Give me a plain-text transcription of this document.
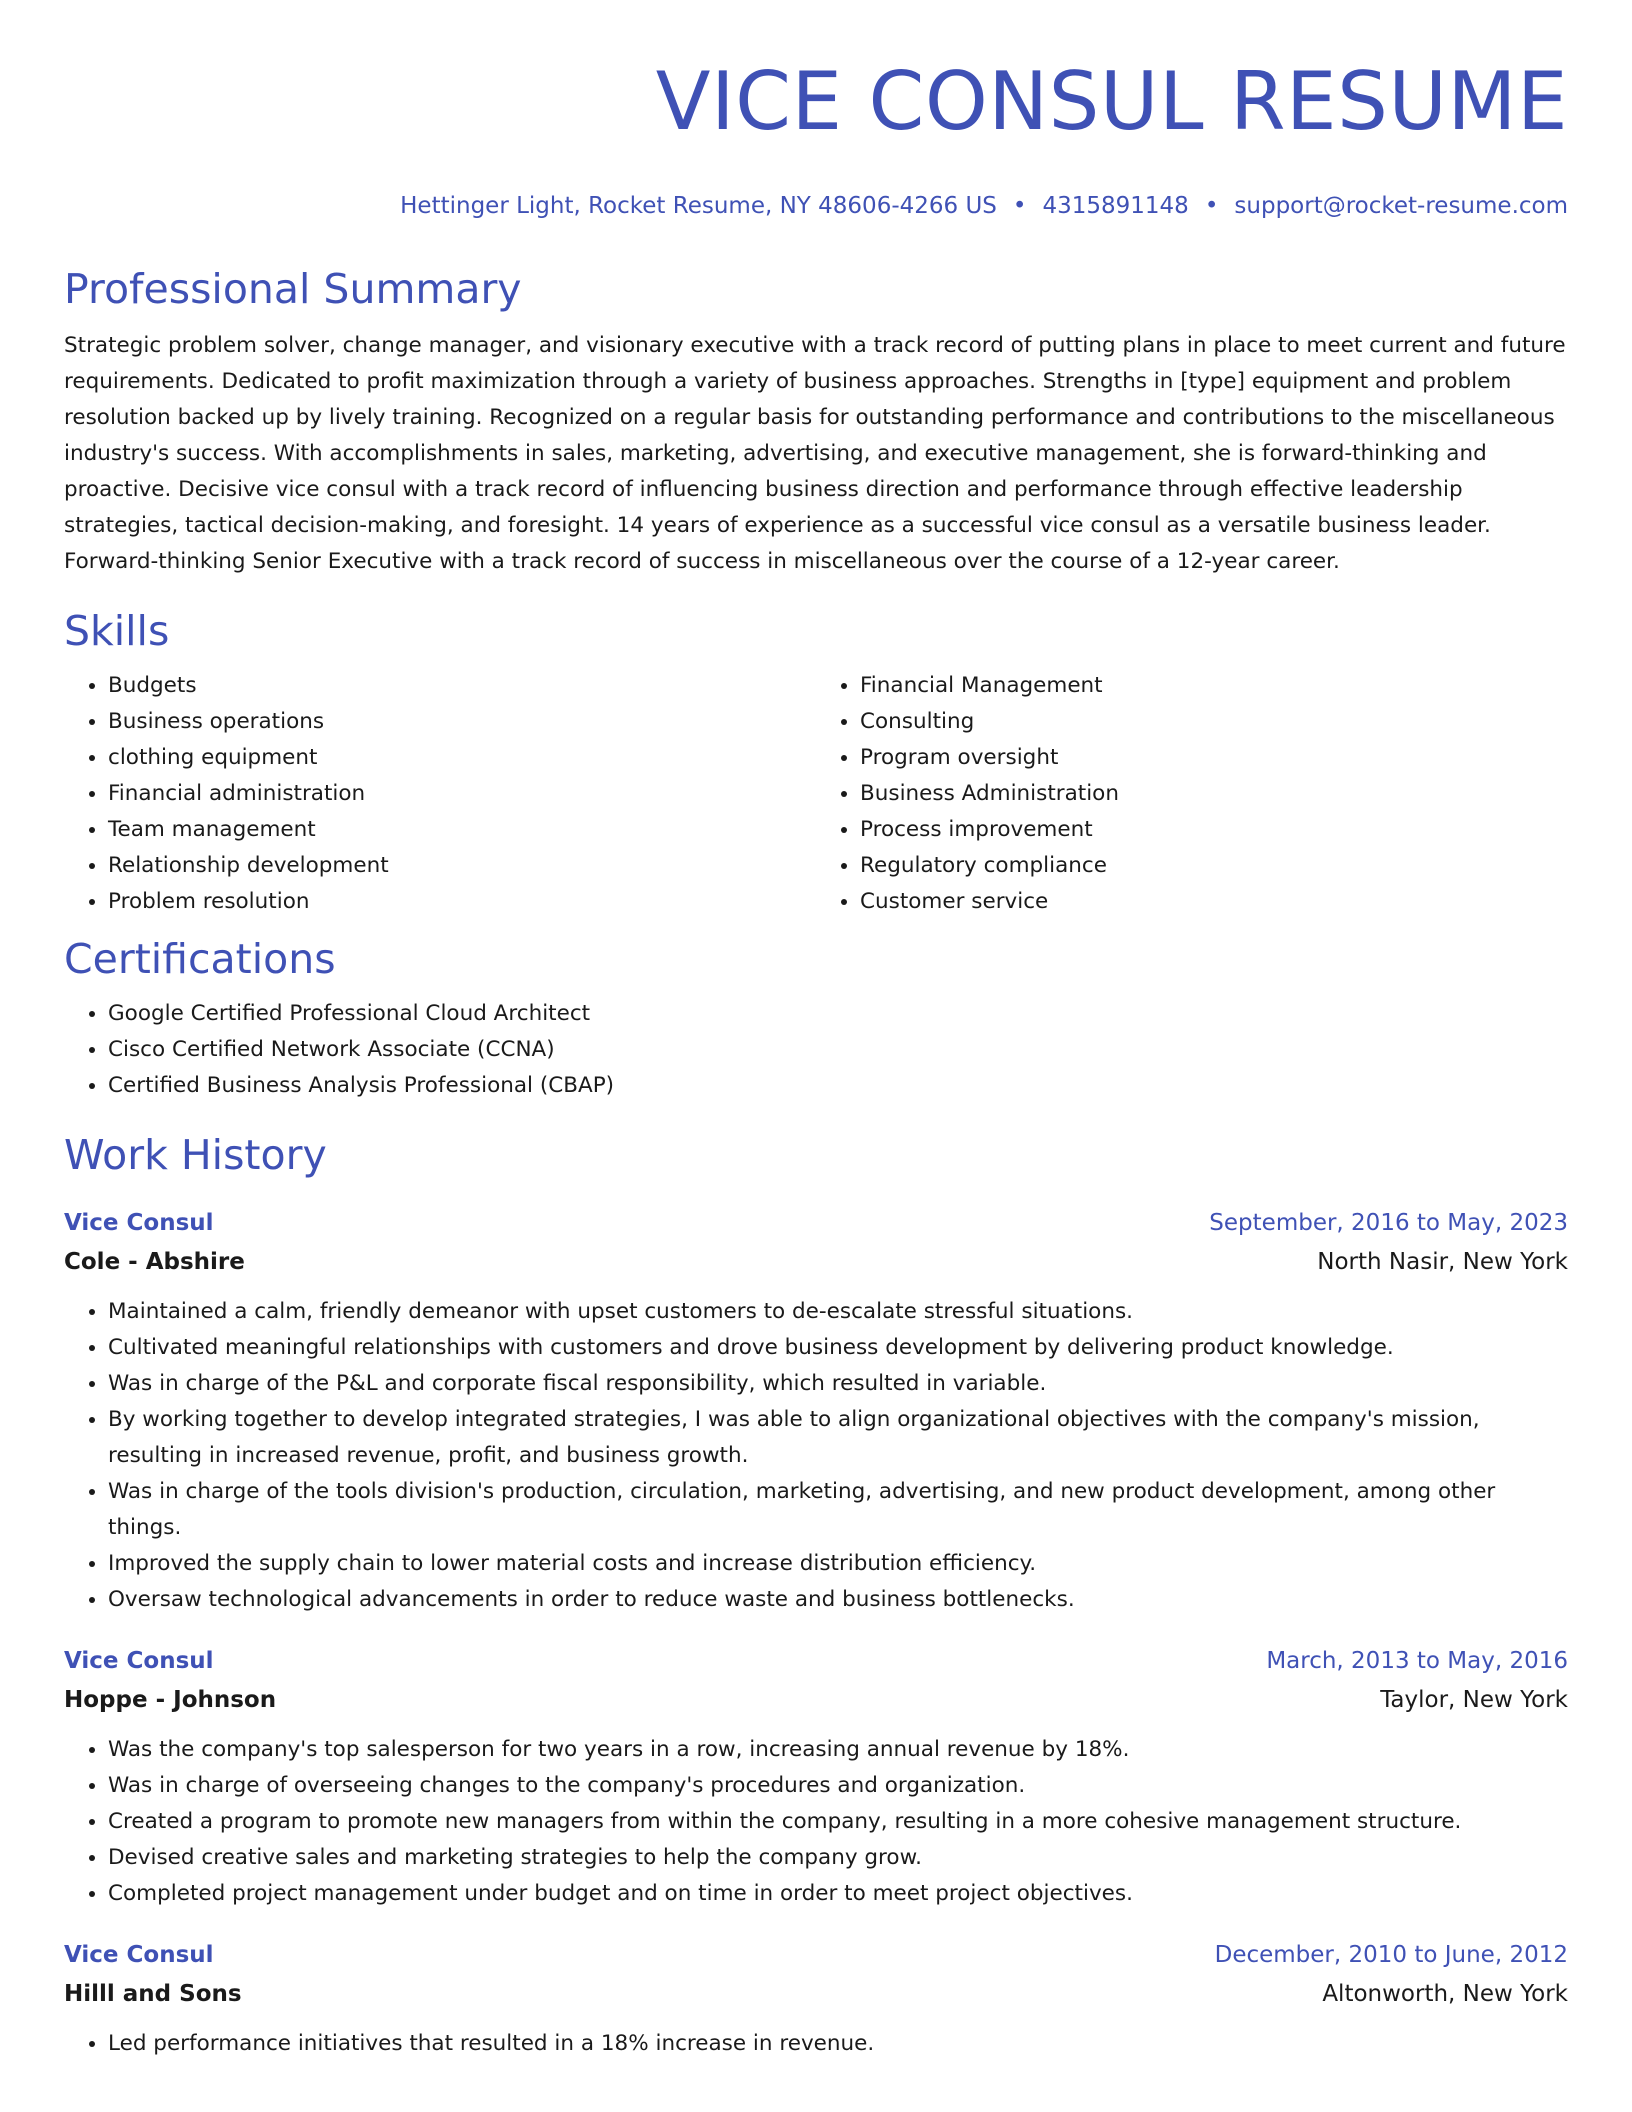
VICE CONSUL RESUME
Hettinger Light, Rocket Resume, NY 48606-4266 US • 4315891148 • support@rocket-resume.com
Professional Summary
Strategic problem solver, change manager, and visionary executive with a track record of putting plans in place to meet current and future requirements. Dedicated to profit maximization through a variety of business approaches. Strengths in [type] equipment and problem resolution backed up by lively training. Recognized on a regular basis for outstanding performance and contributions to the miscellaneous industry's success. With accomplishments in sales, marketing, advertising, and executive management, she is forward-thinking and proactive. Decisive vice consul with a track record of influencing business direction and performance through effective leadership strategies, tactical decision-making, and foresight. 14 years of experience as a successful vice consul as a versatile business leader. Forward-thinking Senior Executive with a track record of success in miscellaneous over the course of a 12-year career.
Skills
• Budgets
• Business operations
• clothing equipment
• Financial administration
• Team management
• Relationship development
• Problem resolution
• Financial Management
• Consulting
• Program oversight
• Business Administration
• Process improvement
• Regulatory compliance
• Customer service
Certifications
• Google Certified Professional Cloud Architect
• Cisco Certified Network Associate (CCNA)
• Certified Business Analysis Professional (CBAP)
Work History
Vice Consul	September, 2016 to May, 2023
Cole - Abshire	North Nasir, New York
• Maintained a calm, friendly demeanor with upset customers to de-escalate stressful situations.
• Cultivated meaningful relationships with customers and drove business development by delivering product knowledge.
• Was in charge of the P&L and corporate fiscal responsibility, which resulted in variable.
• By working together to develop integrated strategies, I was able to align organizational objectives with the company's mission, resulting in increased revenue, profit, and business growth.
• Was in charge of the tools division's production, circulation, marketing, advertising, and new product development, among other things.
• Improved the supply chain to lower material costs and increase distribution efficiency.
• Oversaw technological advancements in order to reduce waste and business bottlenecks.
Vice Consul	March, 2013 to May, 2016
Hoppe - Johnson	Taylor, New York
• Was the company's top salesperson for two years in a row, increasing annual revenue by 18%.
• Was in charge of overseeing changes to the company's procedures and organization.
• Created a program to promote new managers from within the company, resulting in a more cohesive management structure.
• Devised creative sales and marketing strategies to help the company grow.
• Completed project management under budget and on time in order to meet project objectives.
Vice Consul	December, 2010 to June, 2012
Hilll and Sons	Altonworth, New York
• Led performance initiatives that resulted in a 18% increase in revenue.
